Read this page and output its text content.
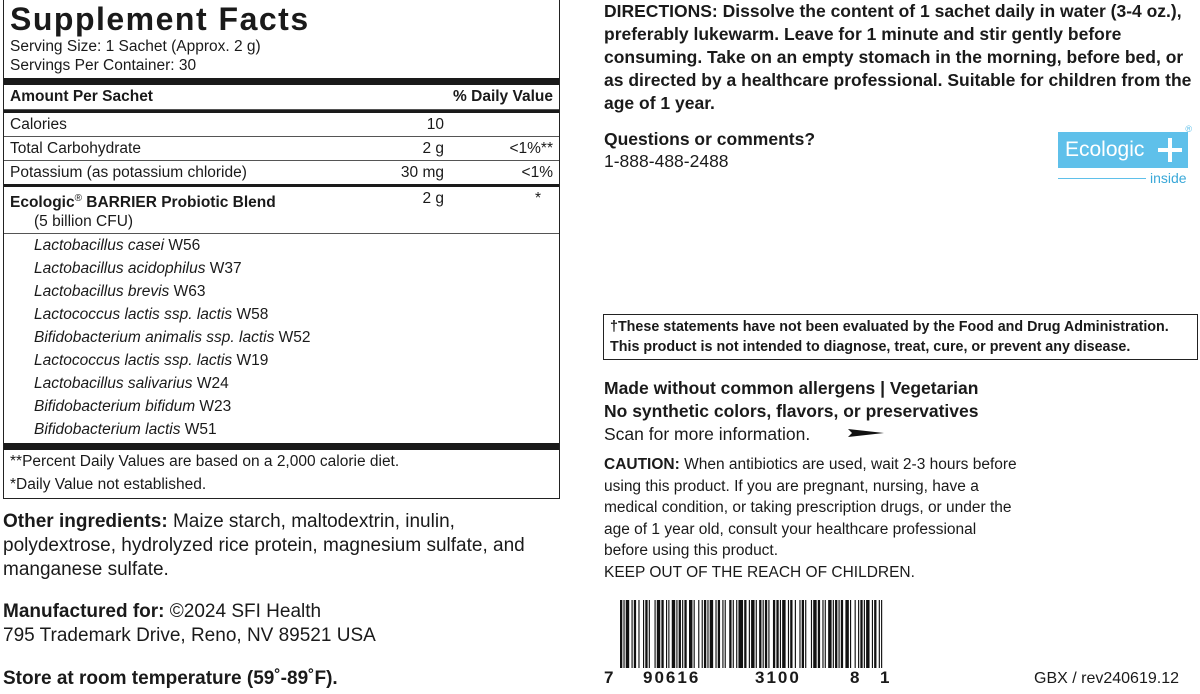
Supplement Facts
Serving Size: 1 Sachet (Approx. 2 g)
Servings Per Container: 30
Amount Per Sachet	% Daily Value
Calories	10
Total Carbohydrate	2 g	<1%**
Potassium (as potassium chloride)	30 mg	<1%
Ecologic® BARRIER Probiotic Blend	2 g	*
(5 billion CFU)
Lactobacillus casei W56
Lactobacillus acidophilus W37
Lactobacillus brevis W63
Lactococcus lactis ssp. lactis W58
Bifidobacterium animalis ssp. lactis W52
Lactococcus lactis ssp. lactis W19
Lactobacillus salivarius W24
Bifidobacterium bifidum W23
Bifidobacterium lactis W51
**Percent Daily Values are based on a 2,000 calorie diet.
*Daily Value not established.
Other ingredients: Maize starch, maltodextrin, inulin, polydextrose, hydrolyzed rice protein, magnesium sulfate, and manganese sulfate.
Manufactured for: ©2024 SFI Health
795 Trademark Drive, Reno, NV 89521 USA
Store at room temperature (59˚-89˚F).
DIRECTIONS: Dissolve the content of 1 sachet daily in water (3-4 oz.), preferably lukewarm. Leave for 1 minute and stir gently before consuming. Take on an empty stomach in the morning, before bed, or as directed by a healthcare professional. Suitable for children from the age of 1 year.
Questions or comments?
1-888-488-2488	Ecologic
®
inside
†These statements have not been evaluated by the Food and Drug Administration.
This product is not intended to diagnose, treat, cure, or prevent any disease.
Made without common allergens | Vegetarian
No synthetic colors, flavors, or preservatives
Scan for more information.
CAUTION: When antibiotics are used, wait 2-3 hours before using this product. If you are pregnant, nursing, have a medical condition, or taking prescription drugs, or under the age of 1 year old, consult your healthcare professional before using this product.
KEEP OUT OF THE REACH OF CHILDREN.
7 90616	3100	8 1	GBX / rev240619.12
